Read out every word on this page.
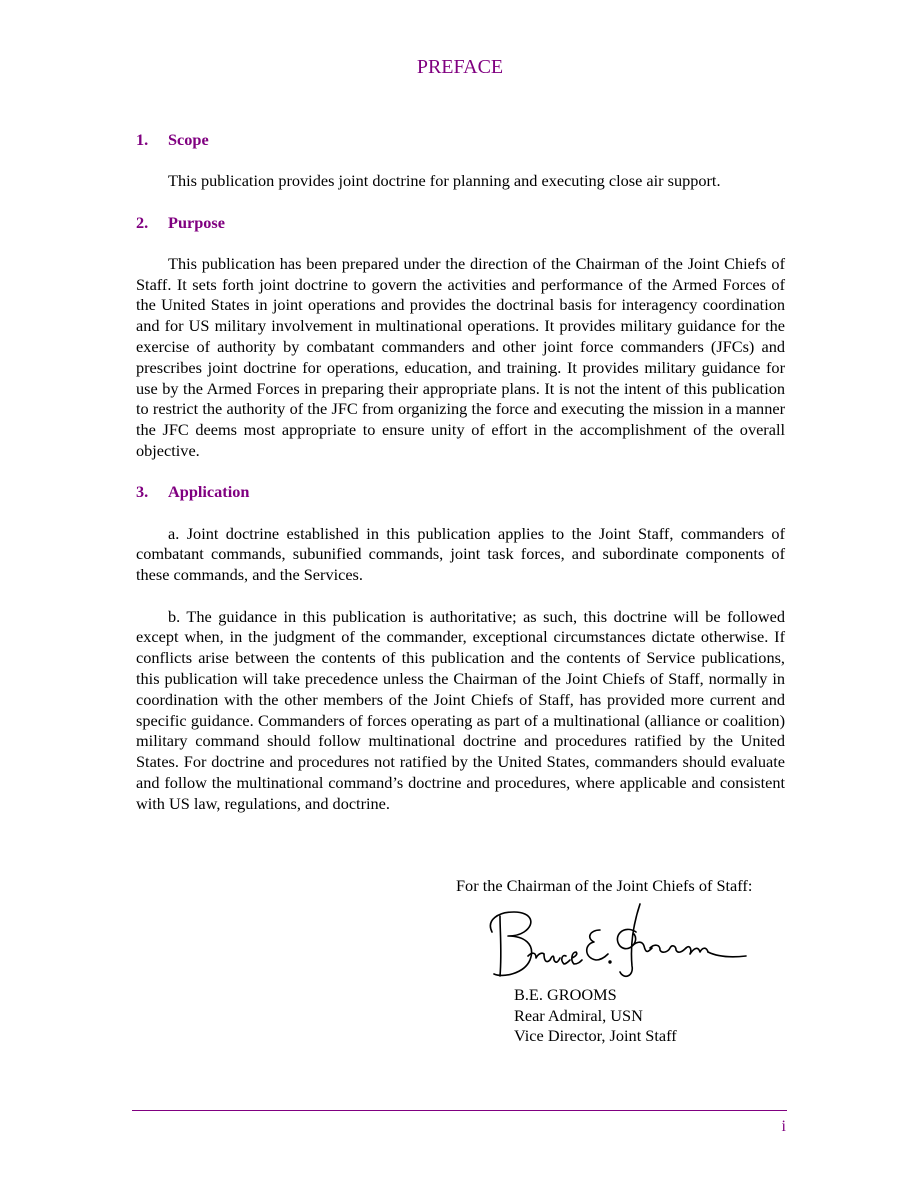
PREFACE
1.	Scope

This publication provides joint doctrine for planning and executing close air support.

2.	Purpose

This publication has been prepared under the direction of the Chairman of the Joint Chiefs of Staff. It sets forth joint doctrine to govern the activities and performance of the Armed Forces of the United States in joint operations and provides the doctrinal basis for interagency coordination and for US military involvement in multinational operations. It provides military guidance for the exercise of authority by combatant commanders and other joint force commanders (JFCs) and prescribes joint doctrine for operations, education, and training. It provides military guidance for use by the Armed Forces in preparing their appropriate plans. It is not the intent of this publication to restrict the authority of the JFC from organizing the force and executing the mission in a manner the JFC deems most appropriate to ensure unity of effort in the accomplishment of the overall objective.

3.	Application

a. Joint doctrine established in this publication applies to the Joint Staff, commanders of combatant commands, subunified commands, joint task forces, and subordinate components of these commands, and the Services.

b. The guidance in this publication is authoritative; as such, this doctrine will be followed except when, in the judgment of the commander, exceptional circumstances dictate otherwise. If conflicts arise between the contents of this publication and the contents of Service publications, this publication will take precedence unless the Chairman of the Joint Chiefs of Staff, normally in coordination with the other members of the Joint Chiefs of Staff, has provided more current and specific guidance. Commanders of forces operating as part of a multinational (alliance or coalition) military command should follow multinational doctrine and procedures ratified by the United States. For doctrine and procedures not ratified by the United States, commanders should evaluate and follow the multinational command’s doctrine and procedures, where applicable and consistent with US law, regulations, and doctrine.

For the Chairman of the Joint Chiefs of Staff:
B.E. GROOMS
Rear Admiral, USN
Vice Director, Joint Staff
i
